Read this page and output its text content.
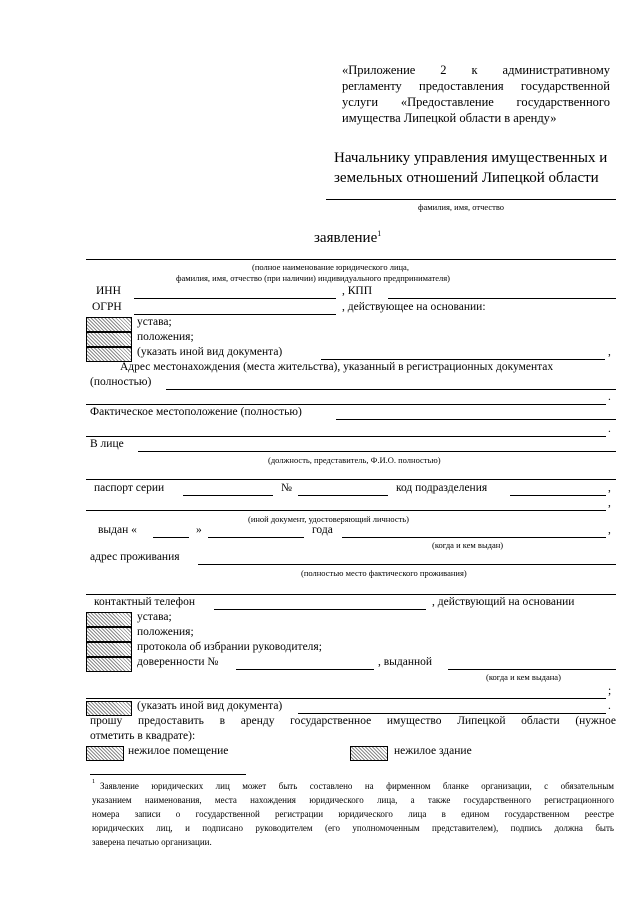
«Приложение 2 к административному
регламенту предоставления государственной
услуги «Предоставление государственного
имущества Липецкой области в аренду»
Начальнику управления имущественных и
земельных отношений Липецкой области
фамилия, имя, отчество
заявление$^1$
(полное наименование юридического лица,
фамилия, имя, отчество (при наличии) индивидуального предпринимателя)
ИНН	, КПП
ОГРН	, действующее на основании:
устава;
положения;
(указать иной вид документа)	,
Адрес местонахождения (места жительства), указанный в регистрационных документах
(полностью)
.
Фактическое местоположение (полностью)
.
В лице
(должность, представитель, Ф.И.О. полностью)
паспорт серии	№	код подразделения	,
,
(иной документ, удостоверяющий личность)
выдан «	»	года	,
(когда и кем выдан)
адрес проживания
(полностью место фактического проживания)
контактный телефон	, действующий на основании
устава;
положения;
протокола об избрании руководителя;
доверенности №	, выданной
(когда и кем выдана)
;
(указать иной вид документа)	.
прошу предоставить в аренду государственное имущество Липецкой области (нужное
отметить в квадрате):
нежилое помещение	нежилое здание
1 Заявление юридических лиц может быть составлено на фирменном бланке организации, с обязательным
указанием наименования, места нахождения юридического лица, а также государственного регистрационного
номера записи о государственной регистрации юридического лица в едином государственном реестре
юридических лиц, и подписано руководителем (его уполномоченным представителем), подпись должна быть
заверена печатью организации.
